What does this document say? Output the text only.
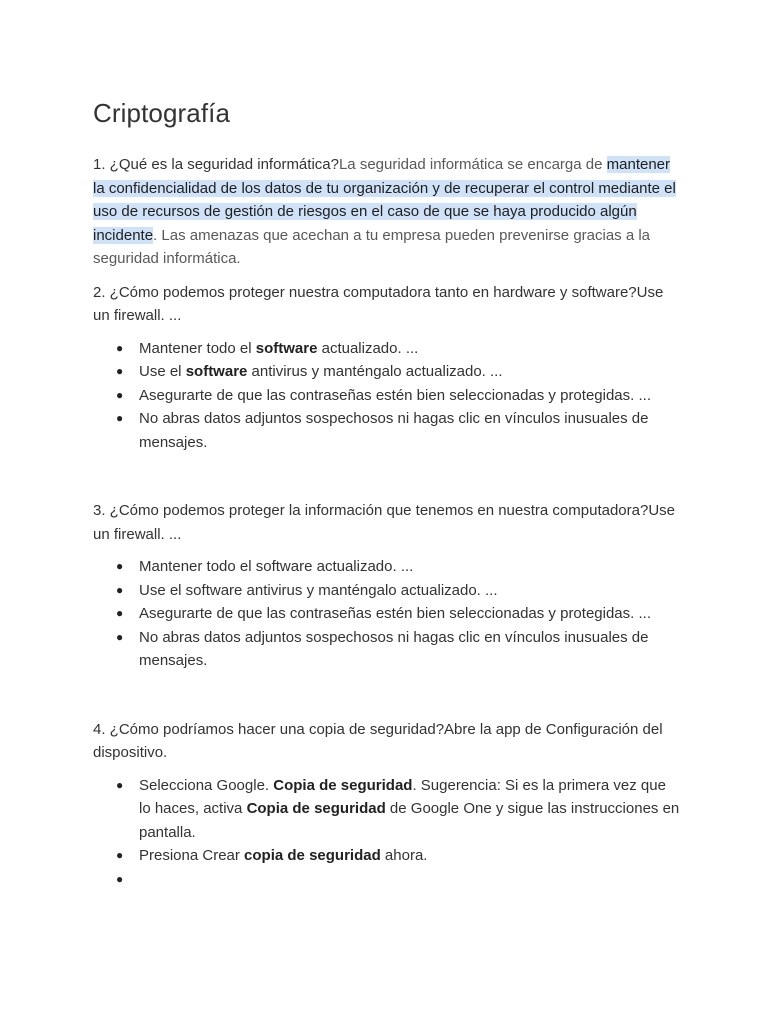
Criptografía

1. ¿Qué es la seguridad informática?La seguridad informática se encarga de mantener la confidencialidad de los datos de tu organización y de recuperar el control mediante el uso de recursos de gestión de riesgos en el caso de que se haya producido algún incidente. Las amenazas que acechan a tu empresa pueden prevenirse gracias a la seguridad informática.

2. ¿Cómo podemos proteger nuestra computadora tanto en hardware y software?Use un firewall. ...

● Mantener todo el software actualizado. ...
● Use el software antivirus y manténgalo actualizado. ...
● Asegurarte de que las contraseñas estén bien seleccionadas y protegidas. ...
● No abras datos adjuntos sospechosos ni hagas clic en vínculos inusuales de mensajes.

3. ¿Cómo podemos proteger la información que tenemos en nuestra computadora?Use un firewall. ...

● Mantener todo el software actualizado. ...
● Use el software antivirus y manténgalo actualizado. ...
● Asegurarte de que las contraseñas estén bien seleccionadas y protegidas. ...
● No abras datos adjuntos sospechosos ni hagas clic en vínculos inusuales de mensajes.

4. ¿Cómo podríamos hacer una copia de seguridad?Abre la app de Configuración del dispositivo.

● Selecciona Google. Copia de seguridad. Sugerencia: Si es la primera vez que lo haces, activa Copia de seguridad de Google One y sigue las instrucciones en pantalla.
● Presiona Crear copia de seguridad ahora.
●
